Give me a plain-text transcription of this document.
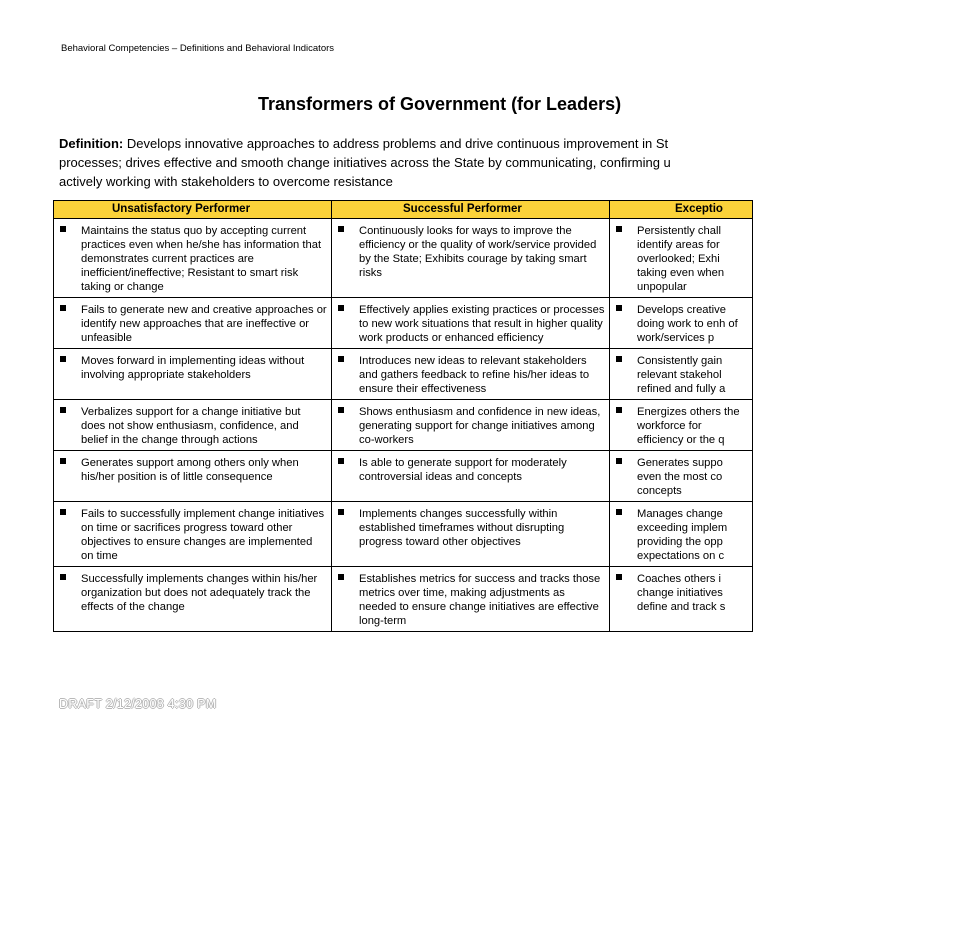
Behavioral Competencies – Definitions and Behavioral Indicators
Transformers of Government (for Leaders)
Definition: Develops innovative approaches to address problems and drive continuous improvement in St
processes; drives effective and smooth change initiatives across the State by communicating, confirming u
actively working with stakeholders to overcome resistance
Unsatisfactory Performer	Successful Performer	Exceptio

Maintains the status quo by accepting current practices even when he/she has information that demonstrates current practices are inefficient/ineffective; Resistant to smart risk taking or change	Continuously looks for ways to improve the efficiency or the quality of work/service provided by the State; Exhibits courage by taking smart risks	Persistently chall identify areas for overlooked; Exhi taking even when unpopular

Fails to generate new and creative approaches or identify new approaches that are ineffective or unfeasible	Effectively applies existing practices or processes to new work situations that result in higher quality work products or enhanced efficiency	Develops creative doing work to enh of work/services p

Moves forward in implementing ideas without involving appropriate stakeholders	Introduces new ideas to relevant stakeholders and gathers feedback to refine his/her ideas to ensure their effectiveness	Consistently gain relevant stakehol refined and fully a

Verbalizes support for a change initiative but does not show enthusiasm, confidence, and belief in the change through actions	Shows enthusiasm and confidence in new ideas, generating support for change initiatives among co-workers	Energizes others the workforce for efficiency or the q

Generates support among others only when his/her position is of little consequence	Is able to generate support for moderately controversial ideas and concepts	Generates suppo even the most co concepts

Fails to successfully implement change initiatives on time or sacrifices progress toward other objectives to ensure changes are implemented on time	Implements changes successfully within established timeframes without disrupting progress toward other objectives	Manages change exceeding implem providing the opp expectations on c

Successfully implements changes within his/her organization but does not adequately track the effects of the change	Establishes metrics for success and tracks those metrics over time, making adjustments as needed to ensure change initiatives are effective long-term	Coaches others i change initiatives define and track s
DRAFT 2/12/2008 4:30 PM
